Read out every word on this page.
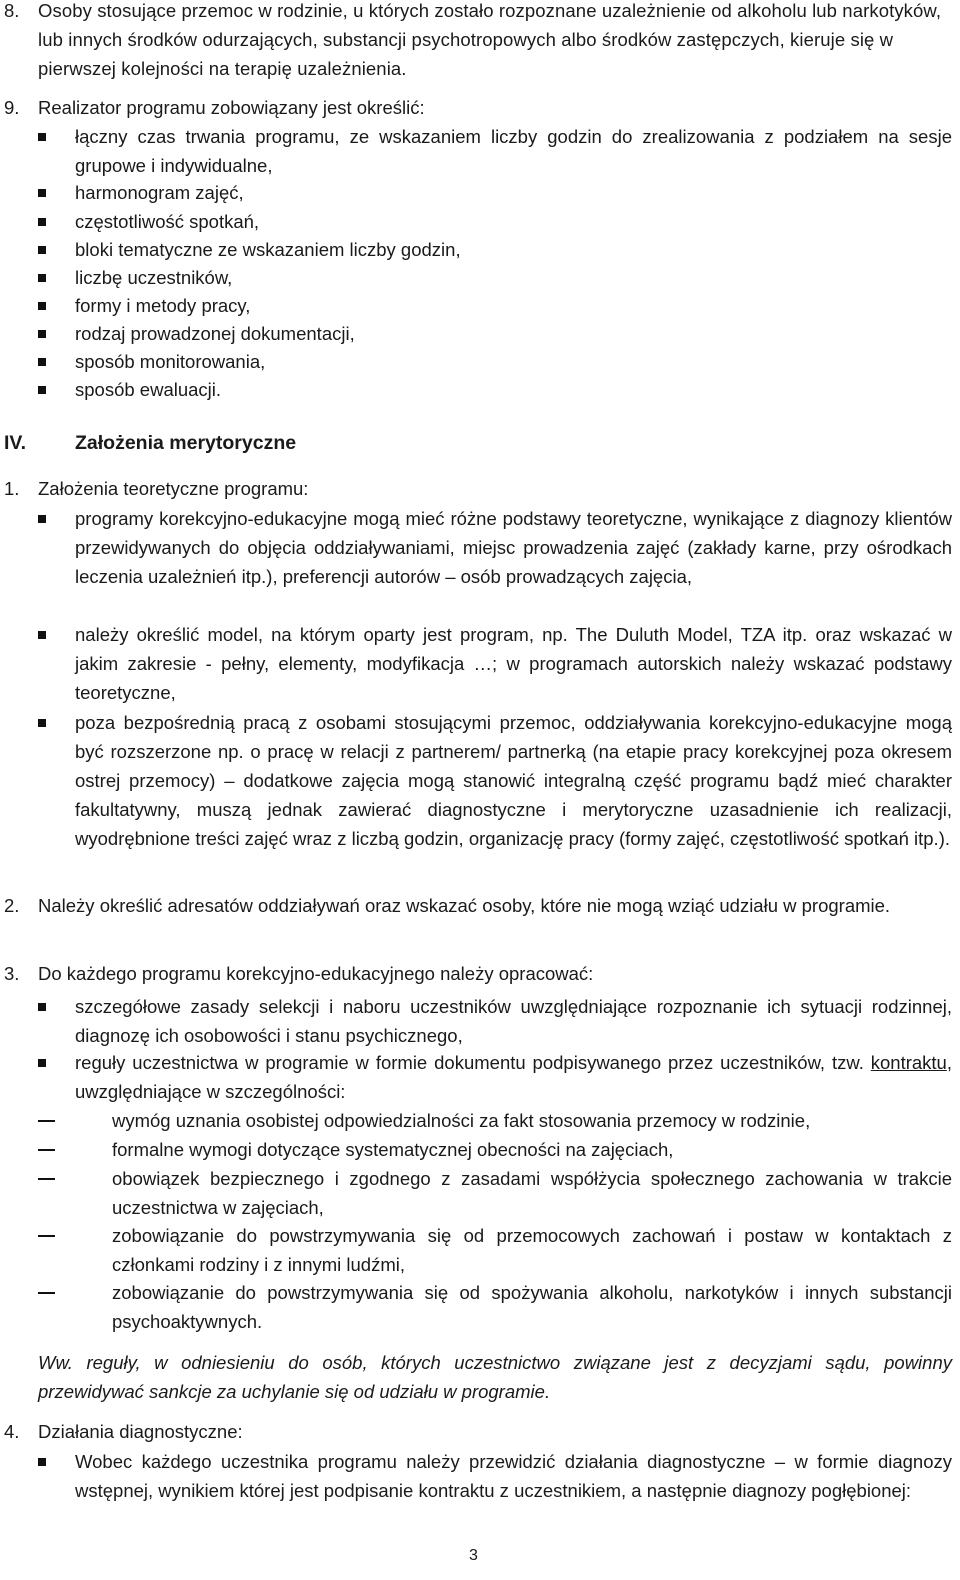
8. Osoby stosujące przemoc w rodzinie, u których zostało rozpoznane uzależnienie od alkoholu lub narkotyków, lub innych środków odurzających, substancji psychotropowych albo środków zastępczych, kieruje się w pierwszej kolejności na terapię uzależnienia.
9. Realizator programu zobowiązany jest określić:
łączny czas trwania programu, ze wskazaniem liczby godzin do zrealizowania z podziałem na sesje grupowe i indywidualne,
harmonogram zajęć,
częstotliwość spotkań,
bloki tematyczne ze wskazaniem liczby godzin,
liczbę uczestników,
formy i metody pracy,
rodzaj prowadzonej dokumentacji,
sposób monitorowania,
sposób ewaluacji.
IV.	Założenia merytoryczne
1. Założenia teoretyczne programu:
programy korekcyjno-edukacyjne mogą mieć różne podstawy teoretyczne, wynikające z diagnozy klientów przewidywanych do objęcia oddziaływaniami, miejsc prowadzenia zajęć (zakłady karne, przy ośrodkach leczenia uzależnień itp.), preferencji autorów – osób prowadzących zajęcia,
należy określić model, na którym oparty jest program, np. The Duluth Model, TZA itp. oraz wskazać w jakim zakresie - pełny, elementy, modyfikacja …; w programach autorskich należy wskazać podstawy teoretyczne,
poza bezpośrednią pracą z osobami stosującymi przemoc, oddziaływania korekcyjno-edukacyjne mogą być rozszerzone np. o pracę w relacji z partnerem/ partnerką (na etapie pracy korekcyjnej poza okresem ostrej przemocy) – dodatkowe zajęcia mogą stanowić integralną część programu bądź mieć charakter fakultatywny, muszą jednak zawierać diagnostyczne i merytoryczne uzasadnienie ich realizacji, wyodrębnione treści zajęć wraz z liczbą godzin, organizację pracy (formy zajęć, częstotliwość spotkań itp.).
2. Należy określić adresatów oddziaływań oraz wskazać osoby, które nie mogą wziąć udziału w programie.
3. Do każdego programu korekcyjno-edukacyjnego należy opracować:
szczegółowe zasady selekcji i naboru uczestników uwzględniające rozpoznanie ich sytuacji rodzinnej, diagnozę ich osobowości i stanu psychicznego,
reguły uczestnictwa w programie w formie dokumentu podpisywanego przez uczestników, tzw. kontraktu, uwzględniające w szczególności:
wymóg uznania osobistej odpowiedzialności za fakt stosowania przemocy w rodzinie,
formalne wymogi dotyczące systematycznej obecności na zajęciach,
obowiązek bezpiecznego i zgodnego z zasadami współżycia społecznego zachowania w trakcie uczestnictwa w zajęciach,
zobowiązanie do powstrzymywania się od przemocowych zachowań i postaw w kontaktach z członkami rodziny i z innymi ludźmi,
zobowiązanie do powstrzymywania się od spożywania alkoholu, narkotyków i innych substancji psychoaktywnych.
Ww. reguły, w odniesieniu do osób, których uczestnictwo związane jest z decyzjami sądu, powinny przewidywać sankcje za uchylanie się od udziału w programie.
4. Działania diagnostyczne:
Wobec każdego uczestnika programu należy przewidzić działania diagnostyczne – w formie diagnozy wstępnej, wynikiem której jest podpisanie kontraktu z uczestnikiem, a następnie diagnozy pogłębionej:
3
